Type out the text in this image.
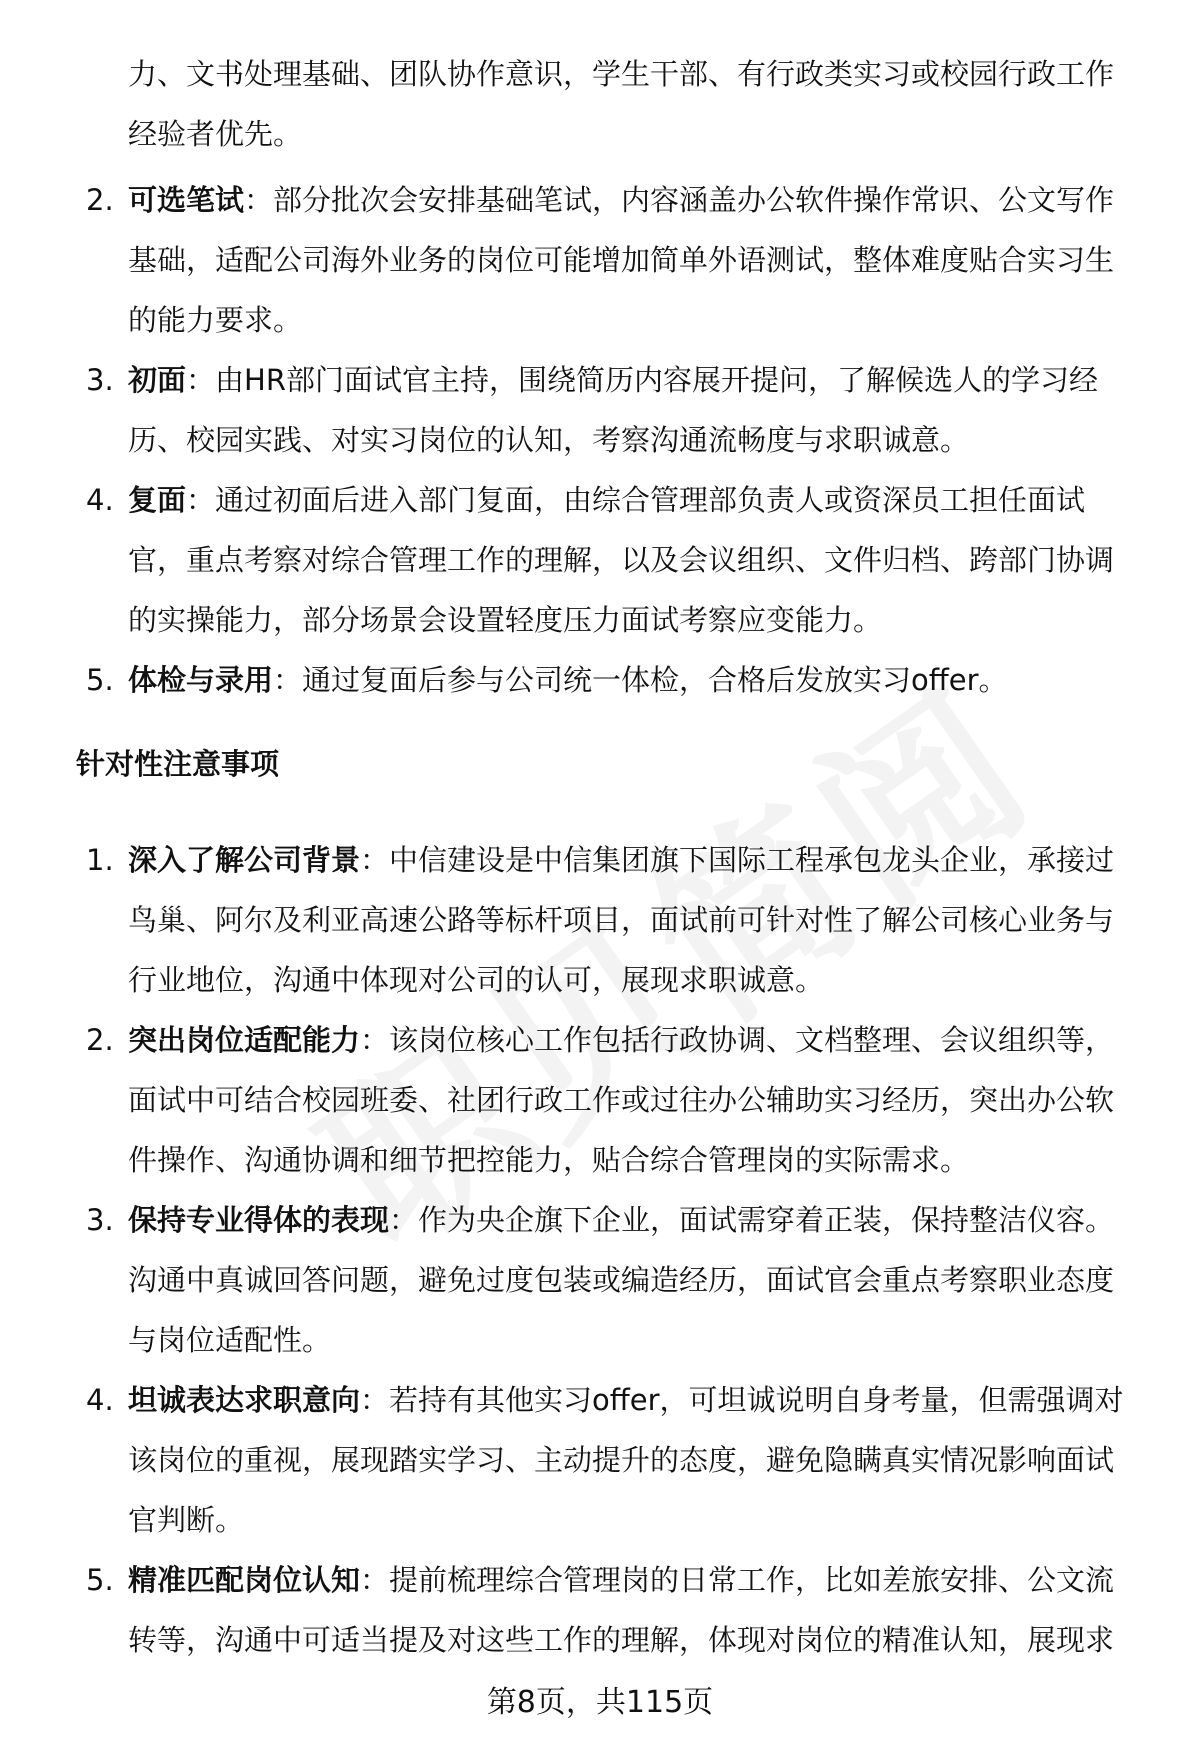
力、文书处理基础、团队协作意识，学生干部、有行政类实习或校园行政工作
经验者优先。
2. 可选笔试：部分批次会安排基础笔试，内容涵盖办公软件操作常识、公文写作
基础，适配公司海外业务的岗位可能增加简单外语测试，整体难度贴合实习生
的能力要求。
3. 初面：由HR部门面试官主持，围绕简历内容展开提问，了解候选人的学习经
历、校园实践、对实习岗位的认知，考察沟通流畅度与求职诚意。
4. 复面：通过初面后进入部门复面，由综合管理部负责人或资深员工担任面试
官，重点考察对综合管理工作的理解，以及会议组织、文件归档、跨部门协调
的实操能力，部分场景会设置轻度压力面试考察应变能力。
5. 体检与录用：通过复面后参与公司统一体检，合格后发放实习offer。
针对性注意事项
1. 深入了解公司背景：中信建设是中信集团旗下国际工程承包龙头企业，承接过
鸟巢、阿尔及利亚高速公路等标杆项目，面试前可针对性了解公司核心业务与
行业地位，沟通中体现对公司的认可，展现求职诚意。
2. 突出岗位适配能力：该岗位核心工作包括行政协调、文档整理、会议组织等，
面试中可结合校园班委、社团行政工作或过往办公辅助实习经历，突出办公软
件操作、沟通协调和细节把控能力，贴合综合管理岗的实际需求。
3. 保持专业得体的表现：作为央企旗下企业，面试需穿着正装，保持整洁仪容。
沟通中真诚回答问题，避免过度包装或编造经历，面试官会重点考察职业态度
与岗位适配性。
4. 坦诚表达求职意向：若持有其他实习offer，可坦诚说明自身考量，但需强调对
该岗位的重视，展现踏实学习、主动提升的态度，避免隐瞒真实情况影响面试
官判断。
5. 精准匹配岗位认知：提前梳理综合管理岗的日常工作，比如差旅安排、公文流
转等，沟通中可适当提及对这些工作的理解，体现对岗位的精准认知，展现求
第8页，共115页
